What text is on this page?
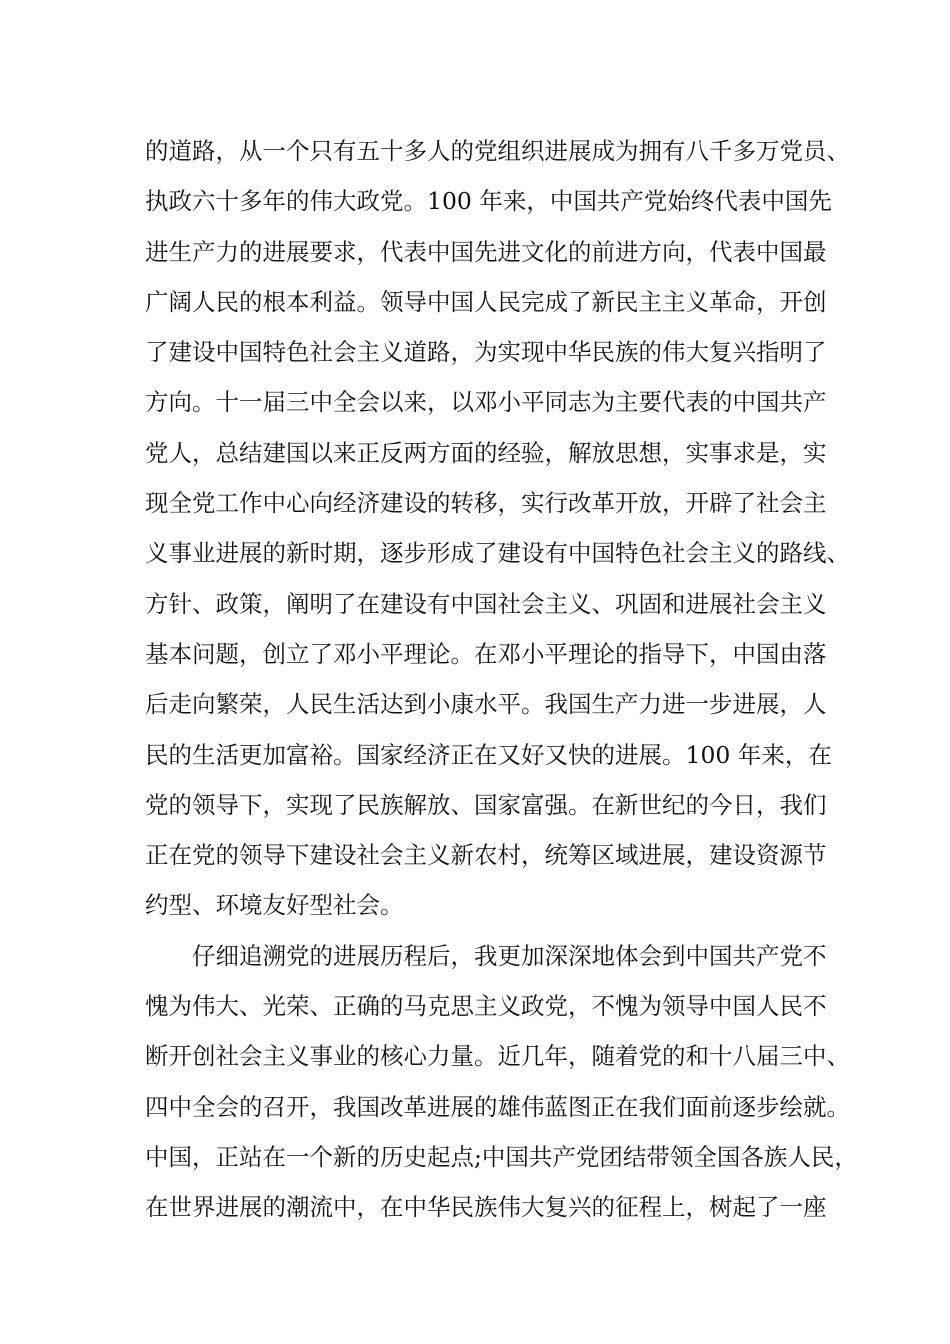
的道路，从一个只有五十多人的党组织进展成为拥有八千多万党员、
执政六十多年的伟大政党。100 年来，中国共产党始终代表中国先
进生产力的进展要求，代表中国先进文化的前进方向，代表中国最
广阔人民的根本利益。领导中国人民完成了新民主主义革命，开创
了建设中国特色社会主义道路，为实现中华民族的伟大复兴指明了
方向。十一届三中全会以来，以邓小平同志为主要代表的中国共产
党人，总结建国以来正反两方面的经验，解放思想，实事求是，实
现全党工作中心向经济建设的转移，实行改革开放，开辟了社会主
义事业进展的新时期，逐步形成了建设有中国特色社会主义的路线、
方针、政策，阐明了在建设有中国社会主义、巩固和进展社会主义
基本问题，创立了邓小平理论。在邓小平理论的指导下，中国由落
后走向繁荣，人民生活达到小康水平。我国生产力进一步进展，人
民的生活更加富裕。国家经济正在又好又快的进展。100 年来，在
党的领导下，实现了民族解放、国家富强。在新世纪的今日，我们
正在党的领导下建设社会主义新农村，统筹区域进展，建设资源节
约型、环境友好型社会。
仔细追溯党的进展历程后，我更加深深地体会到中国共产党不
愧为伟大、光荣、正确的马克思主义政党，不愧为领导中国人民不
断开创社会主义事业的核心力量。近几年，随着党的和十八届三中、
四中全会的召开，我国改革进展的雄伟蓝图正在我们面前逐步绘就。
中国，正站在一个新的历史起点;中国共产党团结带领全国各族人民，
在世界进展的潮流中，在中华民族伟大复兴的征程上，树起了一座
